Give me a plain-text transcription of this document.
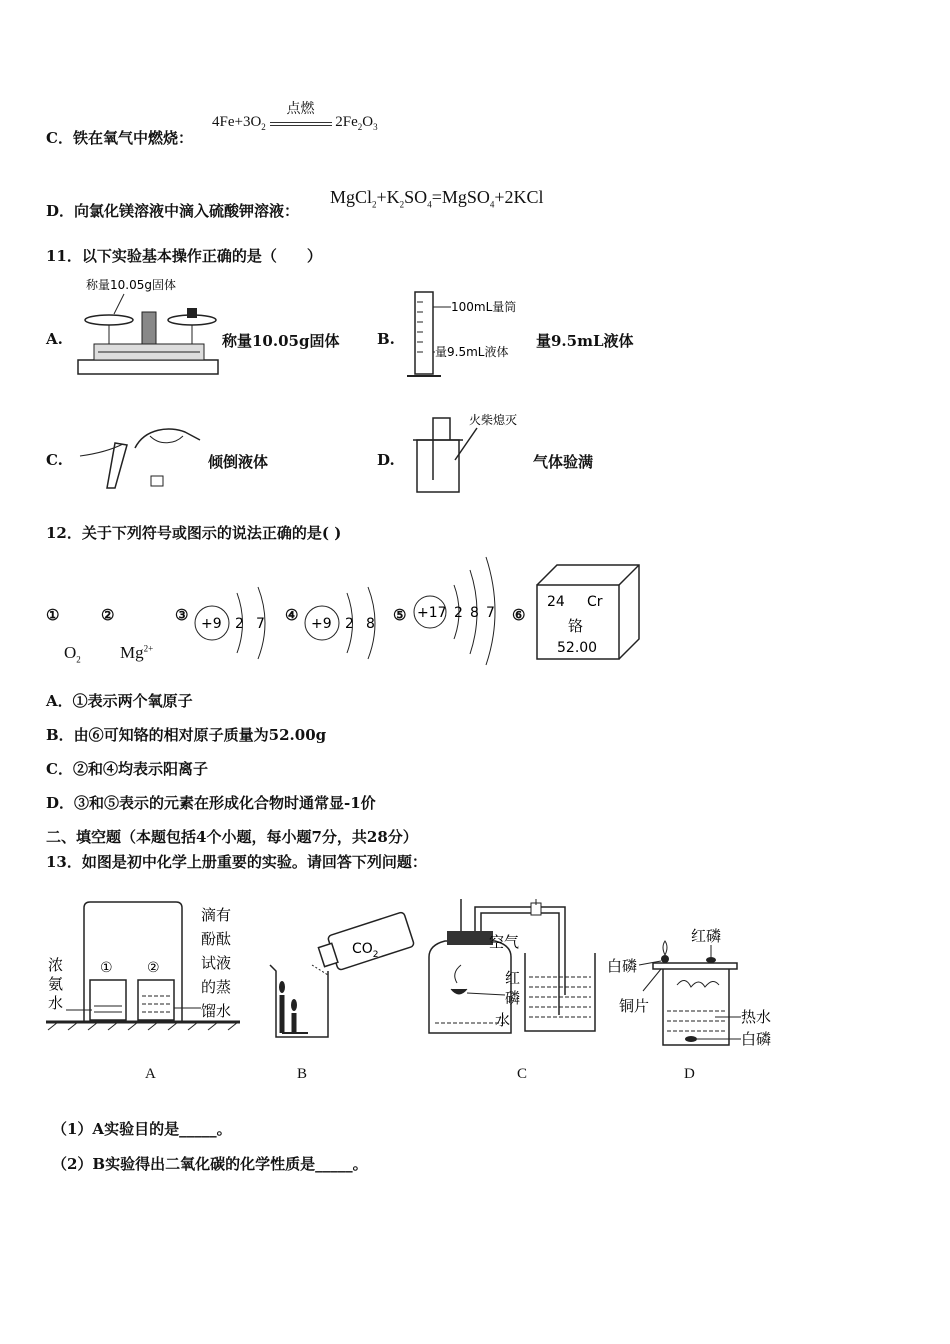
C．铁在氧气中燃烧：
$4Fe+3O_2$
点燃
$2Fe_2O_3$
D．向氯化镁溶液中滴入硫酸钾溶液：
$MgCl_2+K_2SO_4=MgSO_4+2KCl$
11．以下实验基本操作正确的是（　　）
A.
称量10.05g固体
称量10.05g固体	B.
100mL量筒
量9.5mL液体
量9.5mL液体
C.	倾倒液体	D.
火柴熄灭
气体验满
12．关于下列符号或图示的说法正确的是( )
①	②
$O_2$ $Mg^{2+}$
③ +9 2 7 ④ +9 2 8 ⑤ +17 2 8 7 ⑥
24 Cr
铬
52.00
A．①表示两个氧原子
B．由⑥可知铬的相对原子质量为52.00g
C．②和④均表示阳离子
D．③和⑤表示的元素在形成化合物时通常显-1价
二、填空题（本题包括4个小题，每小题7分，共28分）
13．如图是初中化学上册重要的实验。请回答下列问题：
① ②
浓
氨
水
滴有
酚酞
试液
的蒸
馏水
A
$CO_2$
B
空气
红
磷
水
C
白磷
红磷
铜片
热水
白磷
D
（1）A实验目的是_____。
（2）B实验得出二氧化碳的化学性质是_____。
